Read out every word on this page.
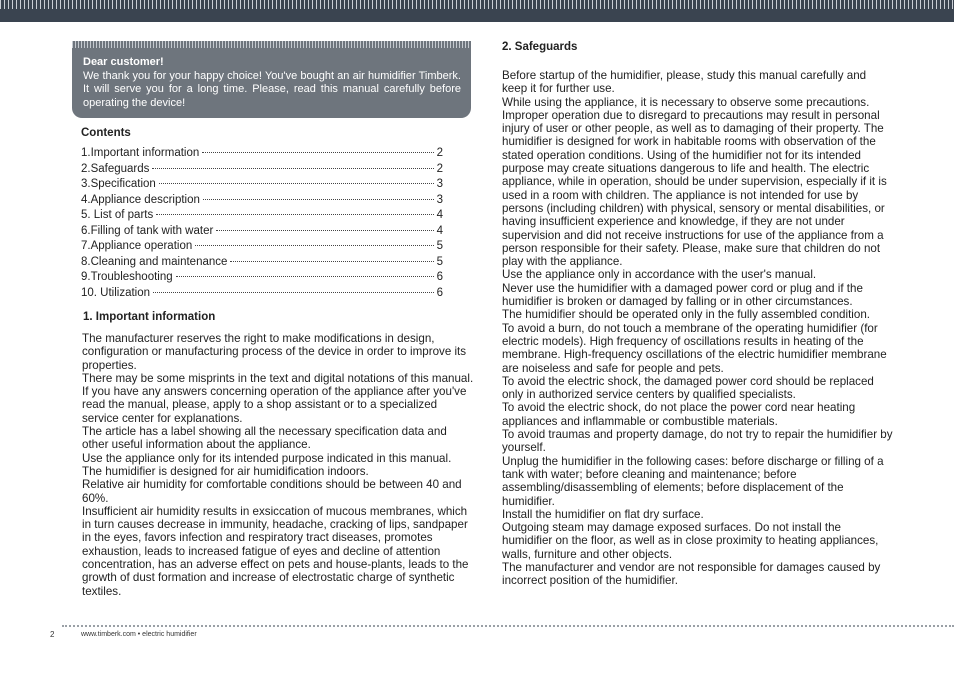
Dear customer!
We thank you for your happy choice! You've bought an air humidifier Timberk. It will serve you for a long time. Please, read this manual carefully before operating the device!
Contents
1.Important information	2
2.Safeguards	2
3.Specification	3
4.Appliance description	3
5. List of parts	4
6.Filling of tank with water	4
7.Appliance operation	5
8.Cleaning and maintenance	5
9.Troubleshooting	6
10. Utilization	6
1. Important information

The manufacturer reserves the right to make modifications in design, configuration or manufacturing process of the device in order to improve its properties.

There may be some misprints in the text and digital notations of this manual.

If you have any answers concerning operation of the appliance after you've read the manual, please, apply to a shop assistant or to a specialized service center for explanations.

The article has a label showing all the necessary specification data and other useful information about the appliance.

Use the appliance only for its intended purpose indicated in this manual. The humidifier is designed for air humidification indoors.

Relative air humidity for comfortable conditions should be between 40 and 60%.

Insufficient air humidity results in exsiccation of mucous membranes, which in turn causes decrease in immunity, headache, cracking of lips, sandpaper in the eyes, favors infection and respiratory tract diseases, promotes exhaustion, leads to increased fatigue of eyes and decline of attention concentration, has an adverse effect on pets and house-plants, leads to the growth of dust formation and increase of electrostatic charge of synthetic textiles.

2. Safeguards

Before startup of the humidifier, please, study this manual carefully and keep it for further use.

While using the appliance, it is necessary to observe some precautions. Improper operation due to disregard to precautions may result in personal injury of user or other people, as well as to damaging of their property. The humidifier is designed for work in habitable rooms with observation of the stated operation conditions. Using of the humidifier not for its intended purpose may create situations dangerous to life and health. The electric appliance, while in operation, should be under supervision, especially if it is used in a room with children. The appliance is not intended for use by persons (including children) with physical, sensory or mental disabilities, or having insufficient experience and knowledge, if they are not under supervision and did not receive instructions for use of the appliance from a person responsible for their safety. Please, make sure that children do not play with the appliance.

Use the appliance only in accordance with the user's manual.

Never use the humidifier with a damaged power cord or plug and if the humidifier is broken or damaged by falling or in other circumstances.

The humidifier should be operated only in the fully assembled condition.

To avoid a burn, do not touch a membrane of the operating humidifier (for electric models). High frequency of oscillations results in heating of the membrane. High-frequency oscillations of the electric humidifier membrane are noiseless and safe for people and pets.

To avoid the electric shock, the damaged power cord should be replaced only in authorized service centers by qualified specialists.

To avoid the electric shock, do not place the power cord near heating appliances and inflammable or combustible materials.

To avoid traumas and property damage, do not try to repair the humidifier by yourself.

Unplug the humidifier in the following cases: before discharge or filling of a tank with water; before cleaning and maintenance; before assembling/disassembling of elements; before displacement of the humidifier.

Install the humidifier on flat dry surface.

Outgoing steam may damage exposed surfaces. Do not install the humidifier on the floor, as well as in close proximity to heating appliances, walls, furniture and other objects.

The manufacturer and vendor are not responsible for damages caused by incorrect position of the humidifier.

2	www.timberk.com • electric humidifier
